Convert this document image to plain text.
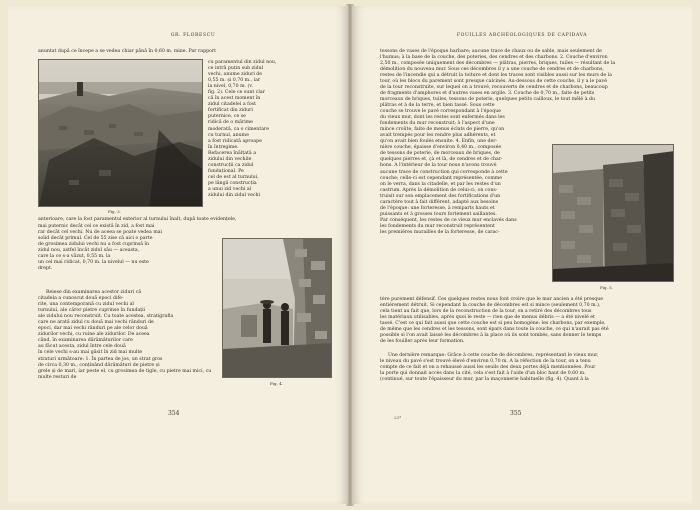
GR. FLORESCU

anuntat după ce începe a se vedea chiar până în 0,60 m. mine. Par rapport

Fig. 3.

cu paramentul din zidul nou,

ce intră puțin sub zidul

vechi, anume ziduri de

0,55 m. și 0,70 m., iar

la nivel, 0,70 m. (v.

fig. 2). Cele ce sunt clar

că în acest moment în

zidul citadelei a fost

fortificat din ziduri

puternice, ce se

ridică de o mărime

moderată, ca o cimentare

cu turnul, anume

a fost ridicată aproape

în întregime.

Refacerea înălțată a

zidului din vechile

construcții ca zidul

fundațional. Pe

cel de est al turnului,

pe lângă construcția

a unui zid vechi al

zidului din zidul vechi

anterioare, care la fost paramentul exterior al turnului înalt, după toate evidențele,

mai puternic decât cel ce există în zid, a fost mai

rar decât cel vechi. Nu de aceea se poate vedea mai

solid decât primul. Cel de 55 zise că aici o parte

de grosimea zidului vechi nu a fost cuprinsă în

zidul nou, astfel încât zidul său — aceasta,

care la ce s-a văzut, 0,55 m. la

un cel mai ridicat, 0,70 m. la nivelul — nu este

drept.

Reiese din examinarea acestor ziduri că

citadela a cunoscut două epoci dife-

rite, una contemporană cu zidul vechi al

turnului, ale căror pietre cuprinse în fundații

ale zidului nou reconstruit. Cu toate acestea, stratigrafia

care ne arată zidul cu două mai vechi rânduri de

epoci, dar mai vechi rânduri pe ale celor două

zidurilor vechi, cu ruine ale zidurilor. De aceea

când, în examinarea dărâmăturilor care

au făcut acesta, zidul între cele două

în cele vechi s-au mai găsit în zid mai multe

straturi următoare: 1. În partea de jos, un strat gros

de circa 0,30 m., conținând dărâmături de pietre și

Fig. 4.

grele și de mari, iar peste el, cu grosimea de tigle, cu pietre mai mici, cu multe resturi de

354
FOUILLES ARCHÉOLOGIQUES DE CAPIDAVA

tessons de vases de l'époque barbare; aucune trace de chaux ou de sable, mais seulement de

l'humus; à la base de la couche, des poteries, des cendres et des charbons. 2. Couche d'environ

2,50 m., composée uniquement des décombres — plâtras, pierres, briques, tuiles — résultant de la

démolition du nouveau mur. Sous ces décombres il y a une couche de cendres et de charbons,

restes de l'incendie qui a détruit la toiture et dont les traces sont visibles aussi sur les murs de la

tour, où les blocs du parement sont presque calcinés. Au-dessous de cette couche, il y a le pavé

de la tour reconstruite, sur lequel on a trouvé, recouverts de cendres et de charbons, beaucoup

de fragments d'amphores et d'autres vases en argile. 3. Couche de 0,70 m., faite de petits

morceaux de briques, tuiles, tessons de poterie, quelques petits cailloux, le tout mêlé à du

plâtras et à de la terre, et bien tassé. Sous cette

couche se trouve le pavé correspondant à l'époque

du vieux mur, dont les restes sont enfermés dans les

fondements du mur reconstruit; à l'aspect d'une

mince croûte, faite de menus éclats de pierre, qu'on

avait trempés pour les rendre plus adhérents, et

qu'on avait bien foulés ensuite. 4. Enfin, une der-

nière couche, épaisse d'environ 0,40 m., composée

de tessons de poterie, de morceaux de briques, de

quelques pierres et, çà et là, de cendres et de char-

bons. A l'intérieur de la tour nous n'avons trouvé

aucune trace de construction qui corresponde à cette

couche; celle-ci est cependant représentée, comme

on le verra, dans la citadelle, et par les restes d'un

castrum. Après la démolition de celui-ci, on cons-

truisit sur son emplacement des fortifications d'un

caractère tout à fait différent, adapté aux besoins

de l'époque: une forteresse, à remparts hauts et

puissants et à grosses tours fortement saillantes.

Par conséquent, les restes de ce vieux mur enclavés dans

les fondements du mur reconstruit représentent

les premières murailles de la forteresse, de carac-

Fig. 5.

tère purement défensif. Ces quelques restes nous font croire que le mur ancien a été presque

entièrement détruit. Si cependant la couche de décombres est si mince (seulement 0,70 m.),

cela tient au fait que, lors de la reconstruction de la tour, on a retiré des décombres tous

les matériaux utilisables, après quoi le reste — rien que de menus débris — a été nivelé et

tassé. C'est ce qui fait aussi que cette couche est si peu homogène: les charbons, par exemple,

de même que les cendres et les tessons, sont épars dans toute la couche, ce qui n'aurait pas été

possible si l'on avait laissé les décombres à la place où ils sont tombés, sans donner le temps

de les fouiller après leur formation.

Une dernière remarque: Grâce à cette couche de décombres, représentant le vieux mur,

le niveau du pavé s'est trouvé élevé d'environ 0,70 m. A la réfection de la tour, on a tenu

compte de ce fait et on a rehaussé aussi les seuils des deux portes déjà mentionnées. Pour

la porte qui donnait accès dans la cité, cela s'est fait à l'aide d'un bloc haut de 0,60 m.

(continué, sur toute l'épaisseur du mur, par la maçonnerie habituelle (fig. 4). Quant à la

23*
355
